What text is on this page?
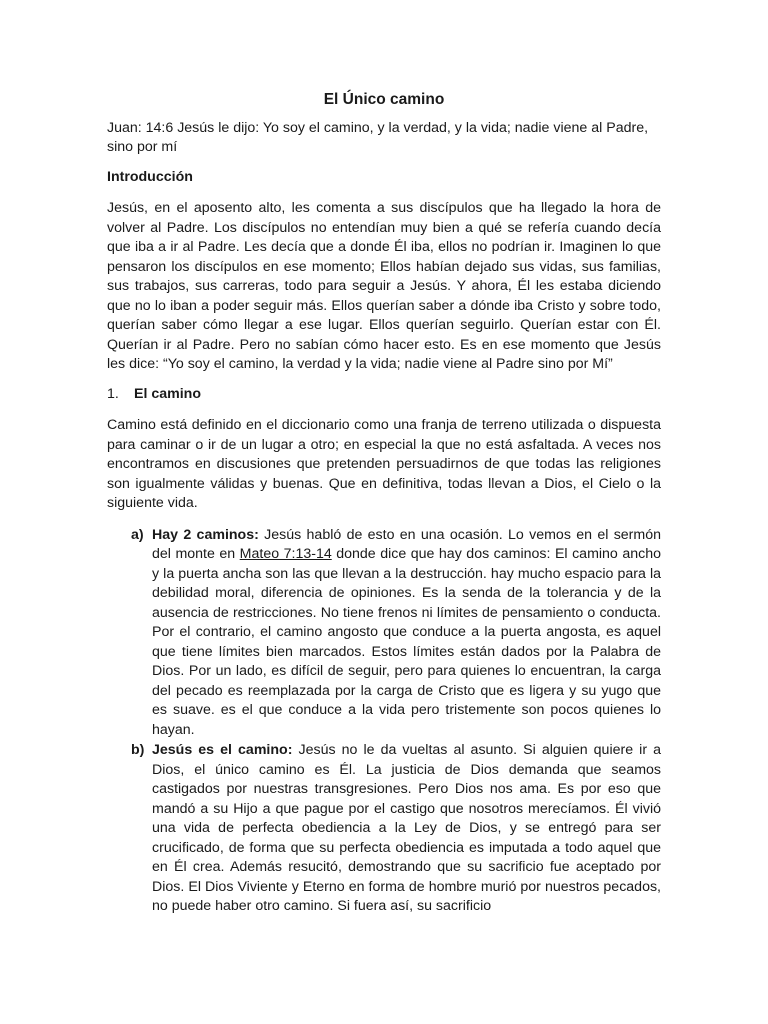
El Único camino
Juan: 14:6 Jesús le dijo: Yo soy el camino, y la verdad, y la vida; nadie viene al Padre, sino por mí
Introducción
Jesús, en el aposento alto, les comenta a sus discípulos que ha llegado la hora de volver al Padre. Los discípulos no entendían muy bien a qué se refería cuando decía que iba a ir al Padre. Les decía que a donde Él iba, ellos no podrían ir. Imaginen lo que pensaron los discípulos en ese momento; Ellos habían dejado sus vidas, sus familias, sus trabajos, sus carreras, todo para seguir a Jesús. Y ahora, Él les estaba diciendo que no lo iban a poder seguir más. Ellos querían saber a dónde iba Cristo y sobre todo, querían saber cómo llegar a ese lugar. Ellos querían seguirlo. Querían estar con Él. Querían ir al Padre. Pero no sabían cómo hacer esto. Es en ese momento que Jesús les dice: “Yo soy el camino, la verdad y la vida; nadie viene al Padre sino por Mí”
1. El camino
Camino está definido en el diccionario como una franja de terreno utilizada o dispuesta para caminar o ir de un lugar a otro; en especial la que no está asfaltada. A veces nos encontramos en discusiones que pretenden persuadirnos de que todas las religiones son igualmente válidas y buenas. Que en definitiva, todas llevan a Dios, el Cielo o la siguiente vida.
a) Hay 2 caminos: Jesús habló de esto en una ocasión. Lo vemos en el sermón del monte en Mateo 7:13-14 donde dice que hay dos caminos: El camino ancho y la puerta ancha son las que llevan a la destrucción. hay mucho espacio para la debilidad moral, diferencia de opiniones. Es la senda de la tolerancia y de la ausencia de restricciones. No tiene frenos ni límites de pensamiento o conducta. Por el contrario, el camino angosto que conduce a la puerta angosta, es aquel que tiene límites bien marcados. Estos límites están dados por la Palabra de Dios. Por un lado, es difícil de seguir, pero para quienes lo encuentran, la carga del pecado es reemplazada por la carga de Cristo que es ligera y su yugo que es suave. es el que conduce a la vida pero tristemente son pocos quienes lo hayan.
b) Jesús es el camino: Jesús no le da vueltas al asunto. Si alguien quiere ir a Dios, el único camino es Él. La justicia de Dios demanda que seamos castigados por nuestras transgresiones. Pero Dios nos ama. Es por eso que mandó a su Hijo a que pague por el castigo que nosotros merecíamos. Él vivió una vida de perfecta obediencia a la Ley de Dios, y se entregó para ser crucificado, de forma que su perfecta obediencia es imputada a todo aquel que en Él crea. Además resucitó, demostrando que su sacrificio fue aceptado por Dios. El Dios Viviente y Eterno en forma de hombre murió por nuestros pecados, no puede haber otro camino. Si fuera así, su sacrificio
